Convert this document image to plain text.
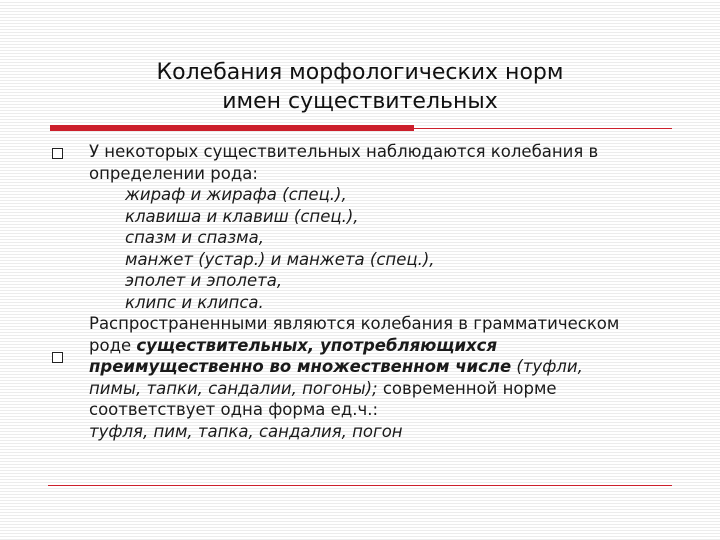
Колебания морфологических норм
имен существительных
У некоторых существительных наблюдаются колебания в
определении рода:
жираф и жирафа (спец.),
клавиша и клавиш (спец.),
спазм и спазма,
манжет (устар.) и манжета (спец.),
эполет и эполета,
клипс и клипса.
Распространенными являются колебания в грамматическом
роде существительных, употребляющихся
преимущественно во множественном числе (туфли,
пимы, тапки, сандалии, погоны); современной норме
соответствует одна форма ед.ч.:
туфля, пим, тапка, сандалия, погон
